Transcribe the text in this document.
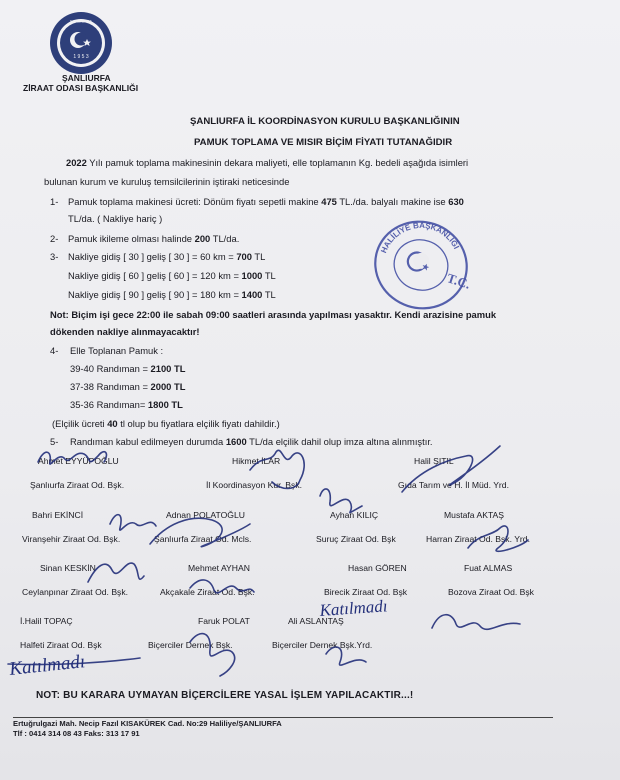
ŞANLIURFA
1 9 5 3
ŞANLIURFA
ZİRAAT ODASI BAŞKANLIĞI
ŞANLIURFA İL KOORDİNASYON KURULU BAŞKANLIĞININ
PAMUK TOPLAMA VE MISIR BİÇİM FİYATI TUTANAĞIDIR
2022 Yılı pamuk toplama makinesinin dekara maliyeti, elle toplamanın Kg. bedeli aşağıda isimleri
bulunan kurum ve kuruluş temsilcilerinin iştiraki neticesinde
1- Pamuk toplama makinesi ücreti: Dönüm fiyatı sepetli makine 475 TL./da. balyalı makine ise 630
TL/da. ( Nakliye hariç )
2- Pamuk ikileme olması halinde 200 TL/da.
3- Nakliye gidiş [ 30 ] geliş [ 30 ] = 60 km = 700 TL
Nakliye gidiş [ 60 ] geliş [ 60 ] = 120 km = 1000 TL
Nakliye gidiş [ 90 ] geliş [ 90 ] = 180 km = 1400 TL
Not: Biçim işi gece 22:00 ile sabah 09:00 saatleri arasında yapılması yasaktır. Kendi arazisine pamuk
dökenden nakliye alınmayacaktır!
4- Elle Toplanan Pamuk :
39-40 Randıman = 2100 TL
37-38 Randıman = 2000 TL
35-36 Randıman= 1800 TL
(Elçilik ücreti 40 tl olup bu fiyatlara elçilik fiyatı dahildir.)
5- Randıman kabul edilmeyen durumda 1600 TL/da elçilik dahil olup imza altına alınmıştır.
HALİLİYE BAŞKANLIĞI
T.C.
Ahmet EYYÜPOĞLU
Şanlıurfa Ziraat Od. Bşk.
Hikmet İLAR
İl Koordinasyon Kur. Bşk.
Halil ŞITIL
Gıda Tarım ve H. İl Müd. Yrd.
Bahri EKİNCİ
Viranşehir Ziraat Od. Bşk.
Adnan POLATOĞLU
Şanlıurfa Ziraat Od. Mcls.
Ayhan KILIÇ
Suruç Ziraat Od. Bşk
Mustafa AKTAŞ
Harran Ziraat Od. Bşk. Yrd.
Sinan KESKİN
Ceylanpınar Ziraat Od. Bşk.
Mehmet AYHAN
Akçakale Ziraat Od. Bşk.
Hasan GÖREN
Birecik Ziraat Od. Bşk
Fuat ALMAS
Bozova Ziraat Od. Bşk
İ.Halil TOPAÇ
Halfeti Ziraat Od. Bşk
Faruk POLAT
Biçerciler Dernek Bşk.
Ali ASLANTAŞ
Biçerciler Dernek Bşk.Yrd.
Katılmadı
Katılmadı
NOT: BU KARARA UYMAYAN BİÇERCİLERE YASAL İŞLEM YAPILACAKTIR...!
Ertuğrulgazi Mah. Necip Fazıl KISAKÜREK Cad. No:29 Haliliye/ŞANLIURFA
Tlf : 0414 314 08 43 Faks: 313 17 91
